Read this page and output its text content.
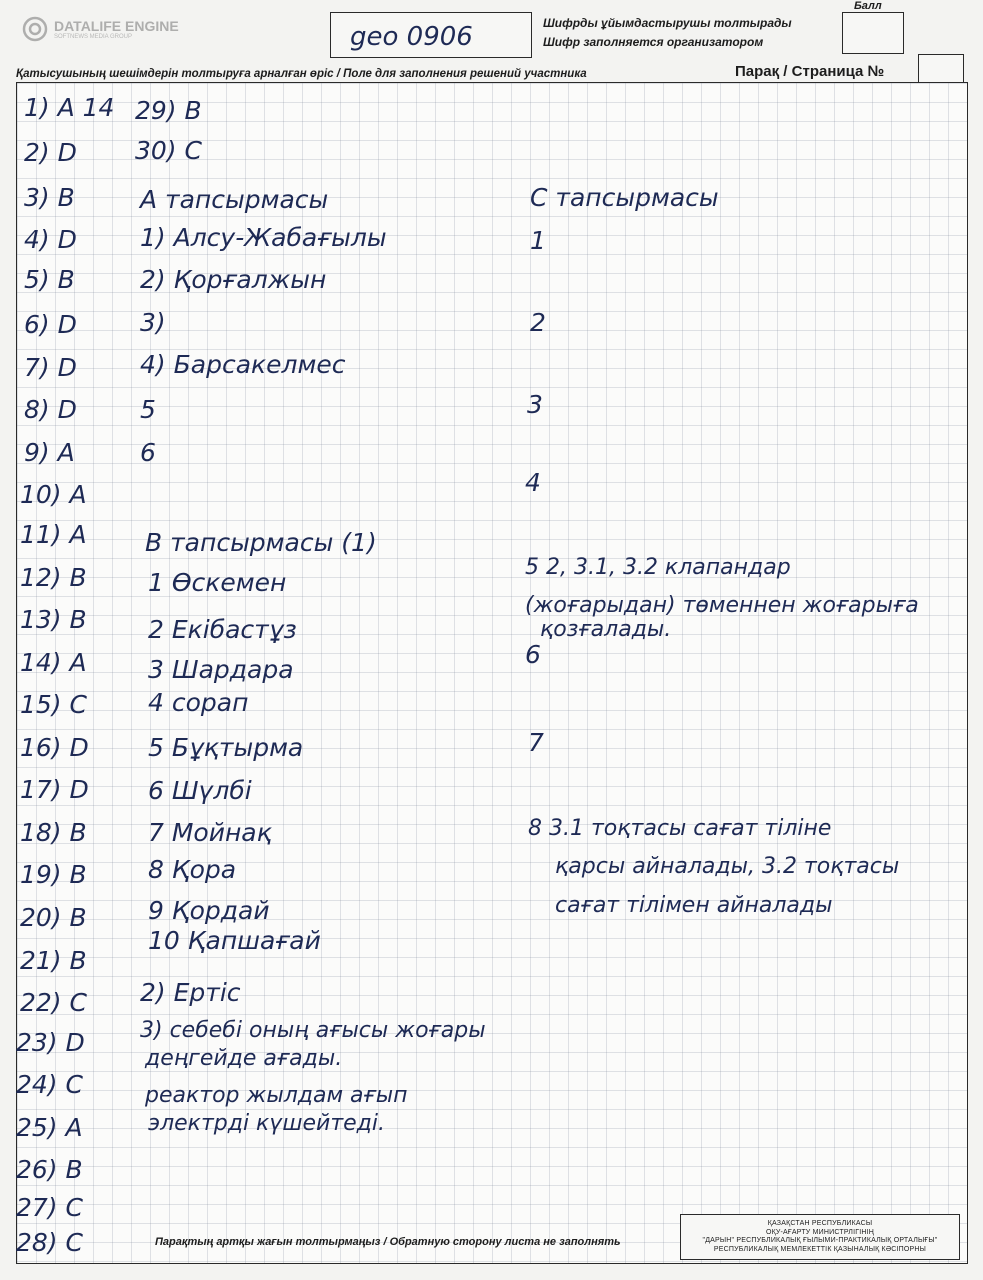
DATALIFE ENGINE
SOFTNEWS MEDIA GROUP	geo 0906	Шифрды ұйымдастырушы толтырады
Шифр заполняется организатором
Балл
Қатысушының шешімдерін толтыруға арналған өріс / Поле для заполнения решений участника	Парақ / Страница №
1) A 14
2) D
3) B
4) D
5) B
6) D
7) D
8) D
9) A
10) A
11) A
12) B
13) B
14) A
15) C
16) D
17) D
18) B
19) B
20) B
21) B
22) C
23) D
24) C
25) A
26) B
27) C
28) C
29) B
30) C
А тапсырмасы
1) Алсу-Жабағылы
2) Қорғалжын
3)
4) Барсакелмес
5
6
B тапсырмасы (1)
1 Өскемен
2 Екібастұз
3 Шардара
4 сорап
5 Бұқтырма
6 Шүлбі
7 Мойнақ
8 Қора
9 Қордай
10 Қапшағай
2) Ертіс
3) себебі оның ағысы жоғары
деңгейде ағады.
реактор жылдам ағып
электрді күшейтеді.
С тапсырмасы
1
2
3
4
5 2, 3.1, 3.2 клапандар
(жоғарыдан) төменнен жоғарыға
қозғалады.
6
7
8 3.1 тоқтасы сағат тіліне
қарсы айналады, 3.2 тоқтасы
сағат тілімен айналады
Парақтың артқы жағын толтырмаңыз / Обратную сторону листа не заполнять
ҚАЗАҚСТАН РЕСПУБЛИКАСЫ
ОҚУ-АҒАРТУ МИНИСТРЛІГІНІҢ
"ДАРЫН" РЕСПУБЛИКАЛЫҚ ҒЫЛЫМИ-ПРАКТИКАЛЫҚ ОРТАЛЫҒЫ"
РЕСПУБЛИКАЛЫҚ МЕМЛЕКЕТТІК ҚАЗЫНАЛЫҚ КӘСІПОРНЫ
